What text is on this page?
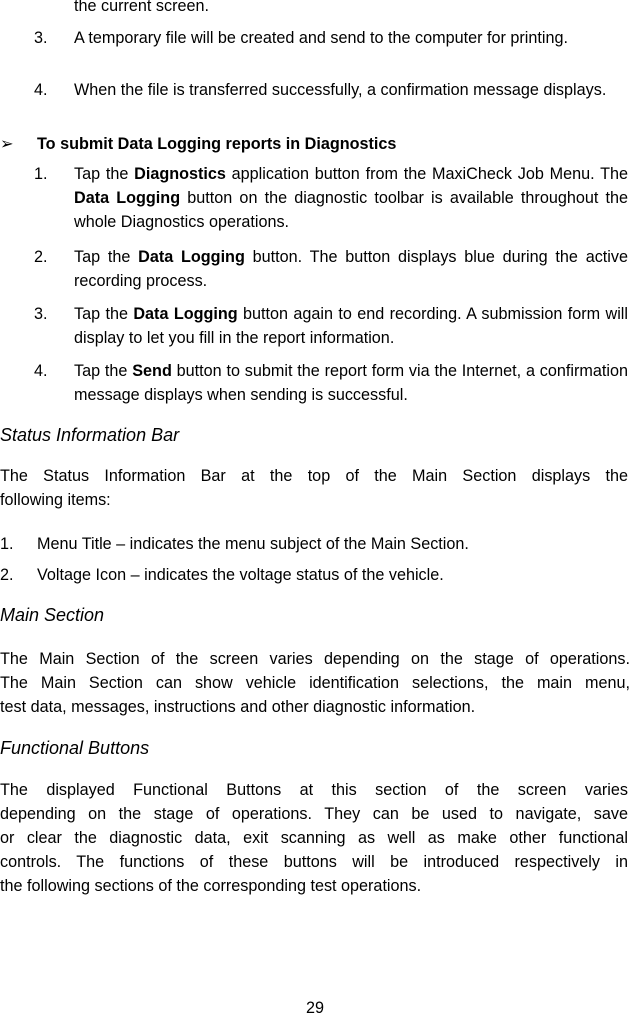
the current screen.
3. A temporary file will be created and send to the computer for printing.
4. When the file is transferred successfully, a confirmation message displays.
➢ To submit Data Logging reports in Diagnostics
1. Tap the Diagnostics application button from the MaxiCheck Job Menu. The Data Logging button on the diagnostic toolbar is available throughout the whole Diagnostics operations.
2. Tap the Data Logging button. The button displays blue during the active recording process.
3. Tap the Data Logging button again to end recording. A submission form will display to let you fill in the report information.
4. Tap the Send button to submit the report form via the Internet, a confirmation message displays when sending is successful.
Status Information Bar
The Status Information Bar at the top of the Main Section displays the
following items:
1. Menu Title – indicates the menu subject of the Main Section.
2. Voltage Icon – indicates the voltage status of the vehicle.
Main Section
The Main Section of the screen varies depending on the stage of operations.
The Main Section can show vehicle identification selections, the main menu,
test data, messages, instructions and other diagnostic information.
Functional Buttons
The displayed Functional Buttons at this section of the screen varies
depending on the stage of operations. They can be used to navigate, save
or clear the diagnostic data, exit scanning as well as make other functional
controls. The functions of these buttons will be introduced respectively in
the following sections of the corresponding test operations.
29
